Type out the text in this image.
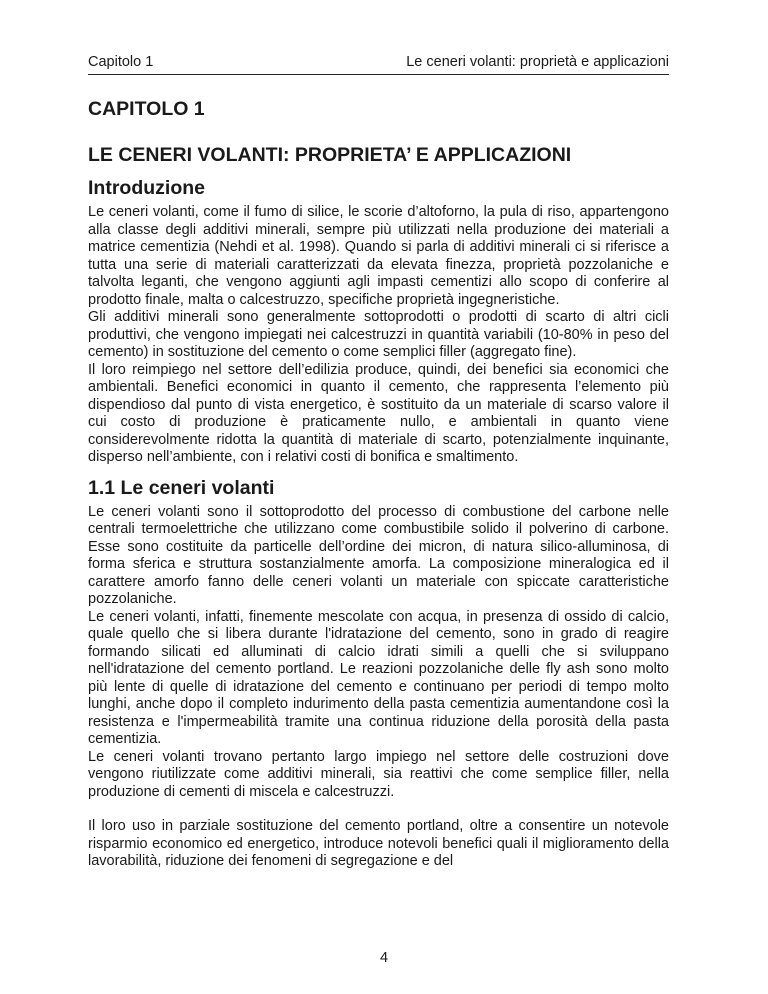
Capitolo 1	Le ceneri volanti: proprietà e applicazioni
CAPITOLO 1
LE CENERI VOLANTI: PROPRIETA’ E APPLICAZIONI
Introduzione

Le ceneri volanti, come il fumo di silice, le scorie d’altoforno, la pula di riso, appartengono alla classe degli additivi minerali, sempre più utilizzati nella produzione dei materiali a matrice cementizia (Nehdi et al. 1998). Quando si parla di additivi minerali ci si riferisce a tutta una serie di materiali caratterizzati da elevata finezza, proprietà pozzolaniche e talvolta leganti, che vengono aggiunti agli impasti cementizi allo scopo di conferire al prodotto finale, malta o calcestruzzo, specifiche proprietà ingegneristiche.

Gli additivi minerali sono generalmente sottoprodotti o prodotti di scarto di altri cicli produttivi, che vengono impiegati nei calcestruzzi in quantità variabili (10-80% in peso del cemento) in sostituzione del cemento o come semplici filler (aggregato fine).

Il loro reimpiego nel settore dell’edilizia produce, quindi, dei benefici sia economici che ambientali. Benefici economici in quanto il cemento, che rappresenta l’elemento più dispendioso dal punto di vista energetico, è sostituito da un materiale di scarso valore il cui costo di produzione è praticamente nullo, e ambientali in quanto viene considerevolmente ridotta la quantità di materiale di scarto, potenzialmente inquinante, disperso nell’ambiente, con i relativi costi di bonifica e smaltimento.

1.1 Le ceneri volanti

Le ceneri volanti sono il sottoprodotto del processo di combustione del carbone nelle centrali termoelettriche che utilizzano come combustibile solido il polverino di carbone. Esse sono costituite da particelle dell’ordine dei micron, di natura silico-alluminosa, di forma sferica e struttura sostanzialmente amorfa. La composizione mineralogica ed il carattere amorfo fanno delle ceneri volanti un materiale con spiccate caratteristiche pozzolaniche.

Le ceneri volanti, infatti, finemente mescolate con acqua, in presenza di ossido di calcio, quale quello che si libera durante l'idratazione del cemento, sono in grado di reagire formando silicati ed alluminati di calcio idrati simili a quelli che si sviluppano nell'idratazione del cemento portland. Le reazioni pozzolaniche delle fly ash sono molto più lente di quelle di idratazione del cemento e continuano per periodi di tempo molto lunghi, anche dopo il completo indurimento della pasta cementizia aumentandone così la resistenza e l'impermeabilità tramite una continua riduzione della porosità della pasta cementizia.

Le ceneri volanti trovano pertanto largo impiego nel settore delle costruzioni dove vengono riutilizzate come additivi minerali, sia reattivi che come semplice filler, nella produzione di cementi di miscela e calcestruzzi.

Il loro uso in parziale sostituzione del cemento portland, oltre a consentire un notevole risparmio economico ed energetico, introduce notevoli benefici quali il miglioramento della lavorabilità, riduzione dei fenomeni di segregazione e del

4
